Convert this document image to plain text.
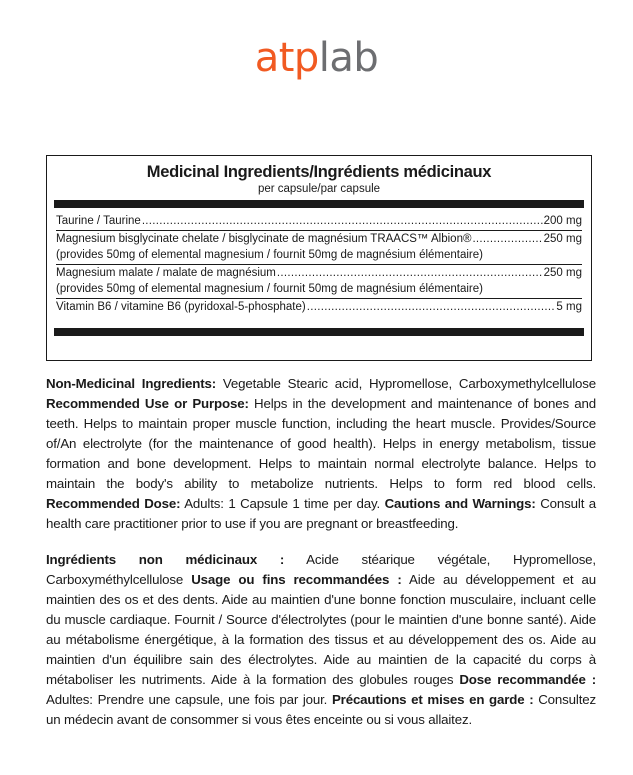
atplab
Medicinal Ingredients/Ingrédients médicinaux
per capsule/par capsule
Taurine / Taurine .....	200 mg
Magnesium bisglycinate chelate / bisglycinate de magnésium TRAACS™ Albion® .....	250 mg
(provides 50mg of elemental magnesium / fournit 50mg de magnésium élémentaire)
Magnesium malate / malate de magnésium .....	250 mg
(provides 50mg of elemental magnesium / fournit 50mg de magnésium élémentaire)
Vitamin B6 / vitamine B6 (pyridoxal-5-phosphate) .....	5 mg
Non-Medicinal Ingredients: Vegetable Stearic acid, Hypromellose, Carboxymethylcellulose Recommended Use or Purpose: Helps in the development and maintenance of bones and teeth. Helps to maintain proper muscle function, including the heart muscle. Provides/Source of/An electrolyte (for the maintenance of good health). Helps in energy metabolism, tissue formation and bone development. Helps to maintain normal electrolyte balance. Helps to maintain the body's ability to metabolize nutrients. Helps to form red blood cells. Recommended Dose: Adults: 1 Capsule 1 time per day. Cautions and Warnings: Consult a health care practitioner prior to use if you are pregnant or breastfeeding.
Ingrédients non médicinaux : Acide stéarique végétale, Hypromellose, Carboxyméthylcellulose Usage ou fins recommandées : Aide au développement et au maintien des os et des dents. Aide au maintien d'une bonne fonction musculaire, incluant celle du muscle cardiaque. Fournit / Source d'électrolytes (pour le maintien d'une bonne santé). Aide au métabolisme énergétique, à la formation des tissus et au développement des os. Aide au maintien d'un équilibre sain des électrolytes. Aide au maintien de la capacité du corps à métaboliser les nutriments. Aide à la formation des globules rouges Dose recommandée : Adultes: Prendre une capsule, une fois par jour. Précautions et mises en garde : Consultez un médecin avant de consommer si vous êtes enceinte ou si vous allaitez.
